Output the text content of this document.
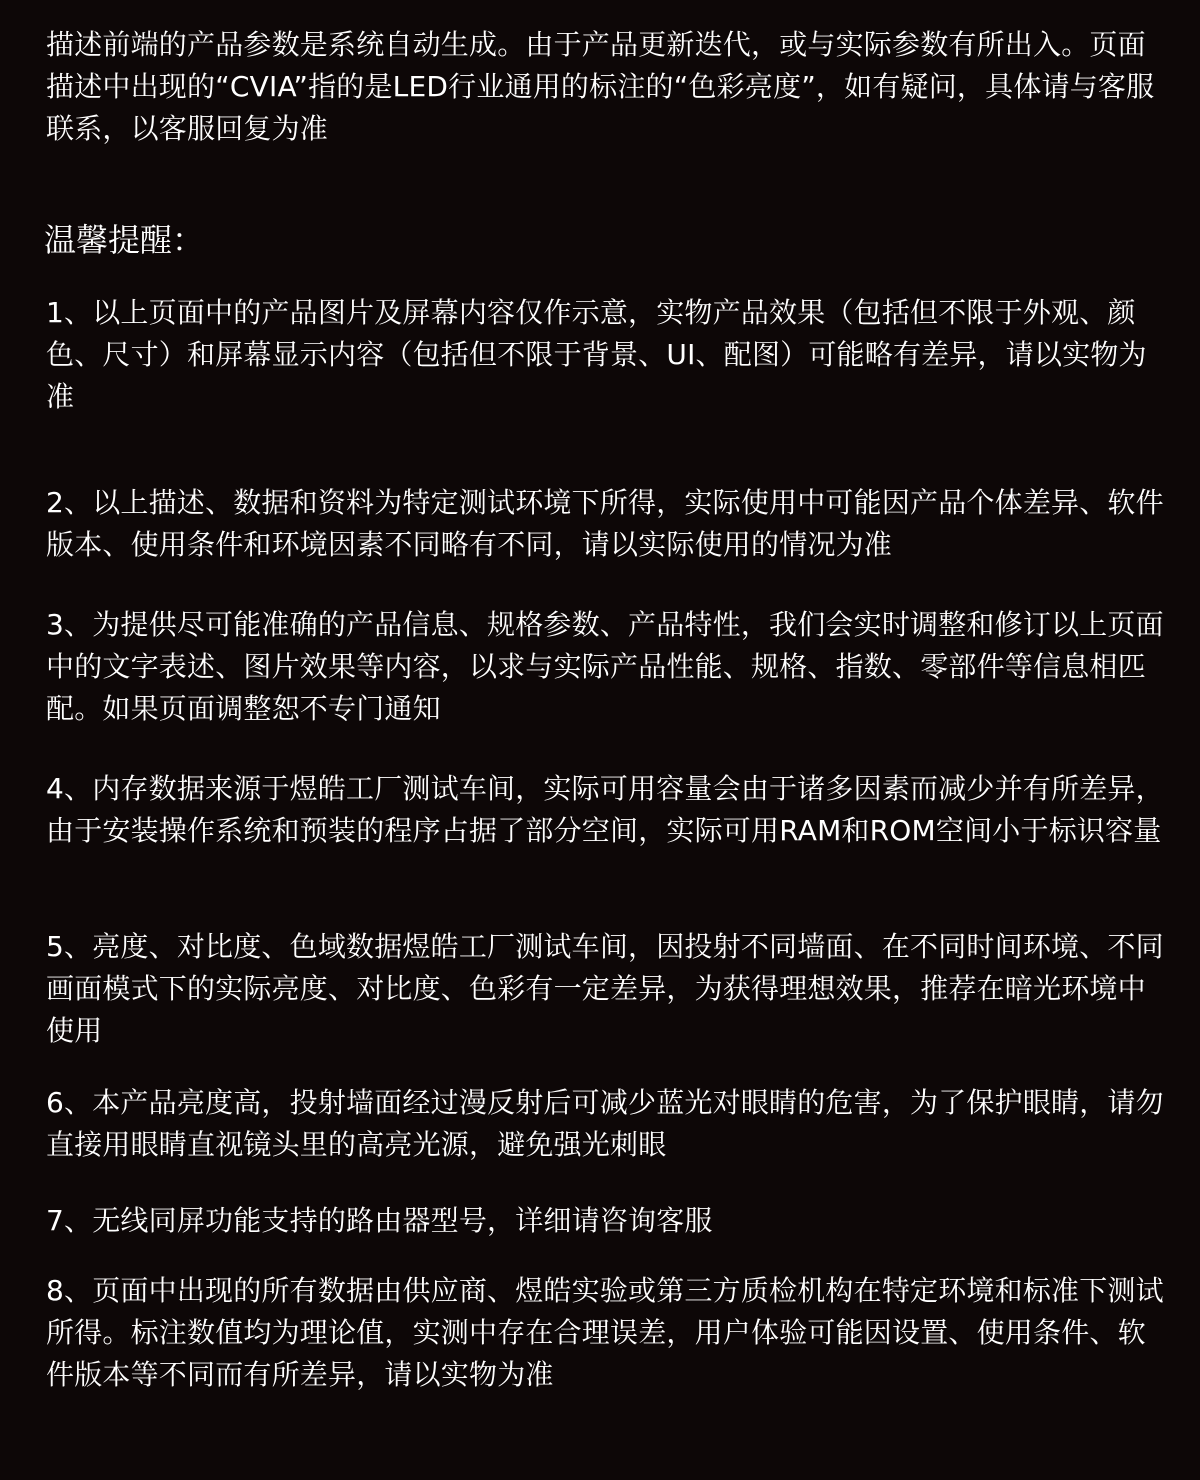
描述前端的产品参数是系统自动生成。由于产品更新迭代，或与实际参数有所出入。页面描述中出现的“CVIA”指的是LED行业通用的标注的“色彩亮度”，如有疑问，具体请与客服联系，以客服回复为准

温馨提醒：

1、以上页面中的产品图片及屏幕内容仅作示意，实物产品效果（包括但不限于外观、颜色、尺寸）和屏幕显示内容（包括但不限于背景、UI、配图）可能略有差异，请以实物为准

2、以上描述、数据和资料为特定测试环境下所得，实际使用中可能因产品个体差异、软件版本、使用条件和环境因素不同略有不同，请以实际使用的情况为准

3、为提供尽可能准确的产品信息、规格参数、产品特性，我们会实时调整和修订以上页面中的文字表述、图片效果等内容，以求与实际产品性能、规格、指数、零部件等信息相匹配。如果页面调整恕不专门通知

4、内存数据来源于煜皓工厂测试车间，实际可用容量会由于诸多因素而减少并有所差异，由于安装操作系统和预装的程序占据了部分空间，实际可用RAM和ROM空间小于标识容量

5、亮度、对比度、色域数据煜皓工厂测试车间，因投射不同墙面、在不同时间环境、不同画面模式下的实际亮度、对比度、色彩有一定差异，为获得理想效果，推荐在暗光环境中使用

6、本产品亮度高，投射墙面经过漫反射后可减少蓝光对眼睛的危害，为了保护眼睛，请勿直接用眼睛直视镜头里的高亮光源，避免强光刺眼

7、无线同屏功能支持的路由器型号，详细请咨询客服

8、页面中出现的所有数据由供应商、煜皓实验或第三方质检机构在特定环境和标准下测试所得。标注数值均为理论值，实测中存在合理误差，用户体验可能因设置、使用条件、软件版本等不同而有所差异，请以实物为准
